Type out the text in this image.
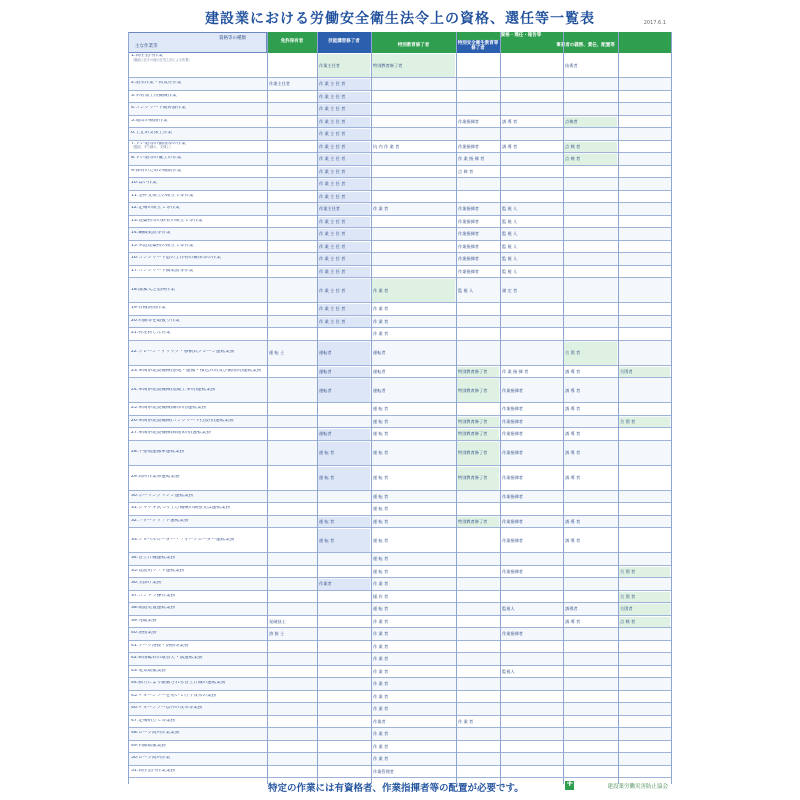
建設業における労働安全衛生法令上の資格、選任等一覧表	2017.6.1
資格等の種類
主な作業等
免許保有者	技能講習修了者
資格・選任・報告等
特別教育修了者	特別安全衛生教育等修了者	事業者の義務、責任、配置等
1.高圧室内作業
（潜函工法その他の圧気工法による作業）
作業主任者	特別教育修了者	技術者
2.潜水作業・高気圧作業	作業主任者	作 業 主 任 者
3.木材加工用機械作業	作 業 主 任 者
4.コンクリート破砕器作業	作 業 主 任 者
5.地山の掘削作業	作 業 主 任 者	作業指揮者	誘 導 者	点検者
6.土止め支保工作業	作 業 主 任 者
7.ずい道等の掘削等の作業
（掘削、ずり積み、支保工）	作 業 主 任 者	坑 内 作 業 者	作業指揮者	誘 導 者	点 検 者
8.ずい道等の覆工の作業	作 業 主 任 者	作 業 指 揮 者	点 検 者
9.採石のための掘削作業	作 業 主 任 者	点 検 者
10.はい作業	作 業 主 任 者
11.型枠支保工の組立て等作業	作 業 主 任 者
12.足場の組立て等作業	作業主任者	作 業 者	作業指揮者	監 視 人
13.建築物等の鉄骨の組立て等作業	作 業 主 任 者	作業指揮者	監 視 人
14.鋼橋架設等作業	作 業 主 任 者	作業指揮者	監 視 人
15.木造建築物の組立て等作業	作 業 主 任 者	作業指揮者	監 視 人
16.コンクリート造の工作物の解体等の作業	作 業 主 任 者	作業指揮者	監 視 人
17.コンクリート橋架設等作業	作 業 主 任 者	作業指揮者	監 視 人
18.酸素欠乏危険作業	作 業 主 任 者	作 業 者	監 視 人	測 定 者
19.有機溶剤作業	作 業 主 任 者	作 業 者
20.石綿等を取扱う作業	作 業 主 任 者	作 業 者
21.特定粉じん作業	作 業 者
22.クレーン・デリック・移動式クレーン運転業務	運 転 士	運転者	運転者	合 図 者
23.車両系建設機械(整地・運搬・積込み用及び掘削用)運転業務	運転者	運転者	特別教育修了者	作 業 指 揮 者	誘 導 者	合図者
24.車両系建設機械(基礎工事用)運転業務	運転者	運転者	特別教育修了者	作業指揮者	誘 導 者
25.車両系建設機械(解体用)運転業務	運 転 者	作業指揮者	誘 導 者
26.車両系建設機械(コンクリート打設用)運転業務	運 転 者	特別教育修了者	作業指揮者	合 図 者
27.車両系建設機械(締固め用)運転業務	運転者	運 転 者	特別教育修了者	作業指揮者	誘 導 者
28.不整地運搬車運転業務	運 転 者	運 転 者	特別教育修了者	作業指揮者	誘 導 者
29.高所作業車運転業務	運 転 者	運 転 者	特別教育修了者	作業指揮者	誘 導 者
30.ボーリングマシン運転業務	運 転 者	作業指揮者
31.ジャッキ式つり上げ機械の調整又は運転業務	運 転 者
32.フォークリフト運転業務	運 転 者	運 転 者	特別教育修了者	作業指揮者	誘 導 者
33.ショベルローダー・フォークローダー運転業務	運 転 者	運 転 者	作業指揮者	誘 導 者
34.巻上げ機運転業務	運 転 者
35.建設用リフト運転業務	運 転 者	作業指揮者	合 図 者
36.玉掛け業務	作業者	作 業 者
37.ゴンドラ操作業務	操 作 者	合 図 者
38.軌道装置運転業務	運 転 者	監視人	誘導者	合図者
39.発破業務	発破技士	作 業 者	誘 導 者	点 検 者
40.溶接業務	溶 接 士	作 業 者	作業指揮者
41.アーク溶接・溶断等業務	作 業 者
42.研削砥石の取替え・試運転業務	作 業 者
43.電気取扱業務	作 業 者	監視人
44.動力により駆動される巻上げ機の運転業務	作 業 者
45.チェーンソーを用いて行う伐木の業務	作 業 者
46.チェーンソー以外の伐木等業務	作 業 者
47.足場組立て等業務	作業者	作 業 者
48.ロープ高所作業業務	作 業 者
49.石綿取扱業務	作 業 者
50.ロープ高所作業	作 業 者
51.高圧室内作業業務	作業管理者
特定の作業には有資格者、作業指揮者等の配置が必要です。
+	建設業労働災害防止協会
